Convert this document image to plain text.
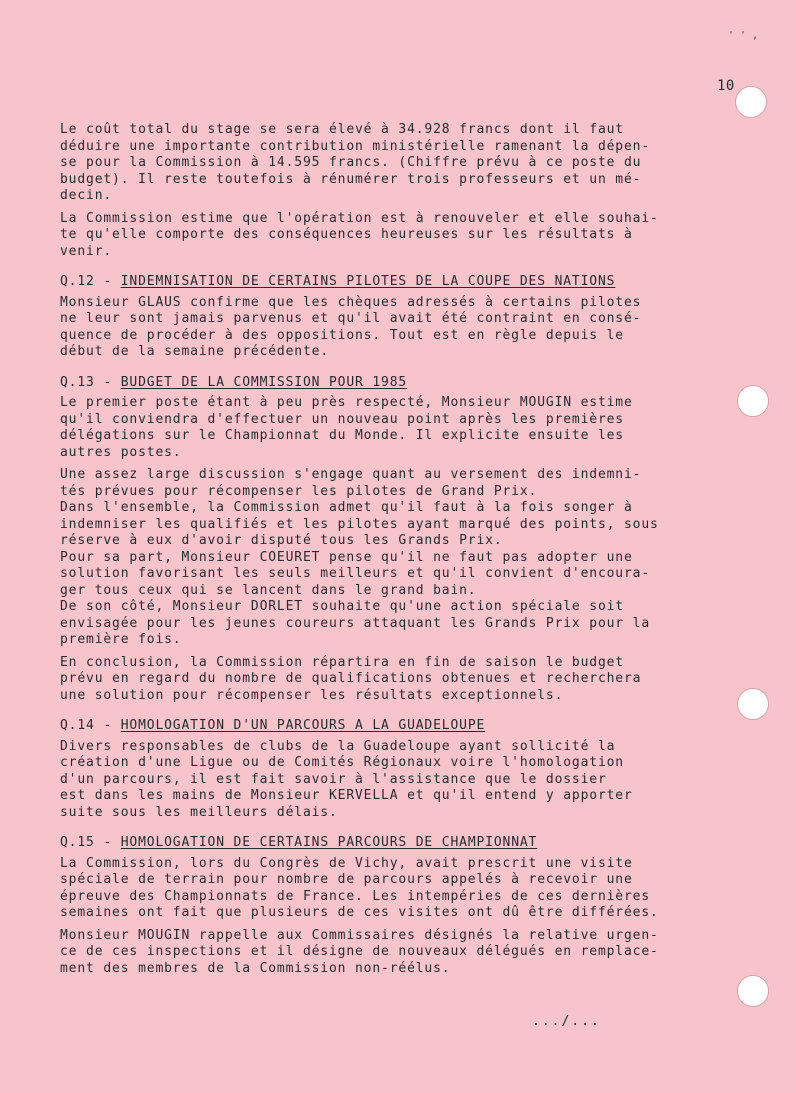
' ' ,
10
Le coût total du stage se sera élevé à 34.928 francs dont il faut
déduire une importante contribution ministérielle ramenant la dépen-
se pour la Commission à 14.595 francs. (Chiffre prévu à ce poste du
budget). Il reste toutefois à rénumérer trois professeurs et un mé-
decin.
La Commission estime que l'opération est à renouveler et elle souhai-
te qu'elle comporte des conséquences heureuses sur les résultats à
venir.
Q.12 - INDEMNISATION DE CERTAINS PILOTES DE LA COUPE DES NATIONS
Monsieur GLAUS confirme que les chèques adressés à certains pilotes
ne leur sont jamais parvenus et qu'il avait été contraint en consé-
quence de procéder à des oppositions. Tout est en règle depuis le
début de la semaine précédente.
Q.13 - BUDGET DE LA COMMISSION POUR 1985
Le premier poste étant à peu près respecté, Monsieur MOUGIN estime
qu'il conviendra d'effectuer un nouveau point après les premières
délégations sur le Championnat du Monde. Il explicite ensuite les
autres postes.
Une assez large discussion s'engage quant au versement des indemni-
tés prévues pour récompenser les pilotes de Grand Prix.
Dans l'ensemble, la Commission admet qu'il faut à la fois songer à
indemniser les qualifiés et les pilotes ayant marqué des points, sous
réserve à eux d'avoir disputé tous les Grands Prix.
Pour sa part, Monsieur COEURET pense qu'il ne faut pas adopter une
solution favorisant les seuls meilleurs et qu'il convient d'encoura-
ger tous ceux qui se lancent dans le grand bain.
De son côté, Monsieur DORLET souhaite qu'une action spéciale soit
envisagée pour les jeunes coureurs attaquant les Grands Prix pour la
première fois.
En conclusion, la Commission répartira en fin de saison le budget
prévu en regard du nombre de qualifications obtenues et recherchera
une solution pour récompenser les résultats exceptionnels.
Q.14 - HOMOLOGATION D'UN PARCOURS A LA GUADELOUPE
Divers responsables de clubs de la Guadeloupe ayant sollicité la
création d'une Ligue ou de Comités Régionaux voire l'homologation
d'un parcours, il est fait savoir à l'assistance que le dossier
est dans les mains de Monsieur KERVELLA et qu'il entend y apporter
suite sous les meilleurs délais.
Q.15 - HOMOLOGATION DE CERTAINS PARCOURS DE CHAMPIONNAT
La Commission, lors du Congrès de Vichy, avait prescrit une visite
spéciale de terrain pour nombre de parcours appelés à recevoir une
épreuve des Championnats de France. Les intempéries de ces dernières
semaines ont fait que plusieurs de ces visites ont dû être différées.
Monsieur MOUGIN rappelle aux Commissaires désignés la relative urgen-
ce de ces inspections et il désigne de nouveaux délégués en remplace-
ment des membres de la Commission non-réélus.
.../...
